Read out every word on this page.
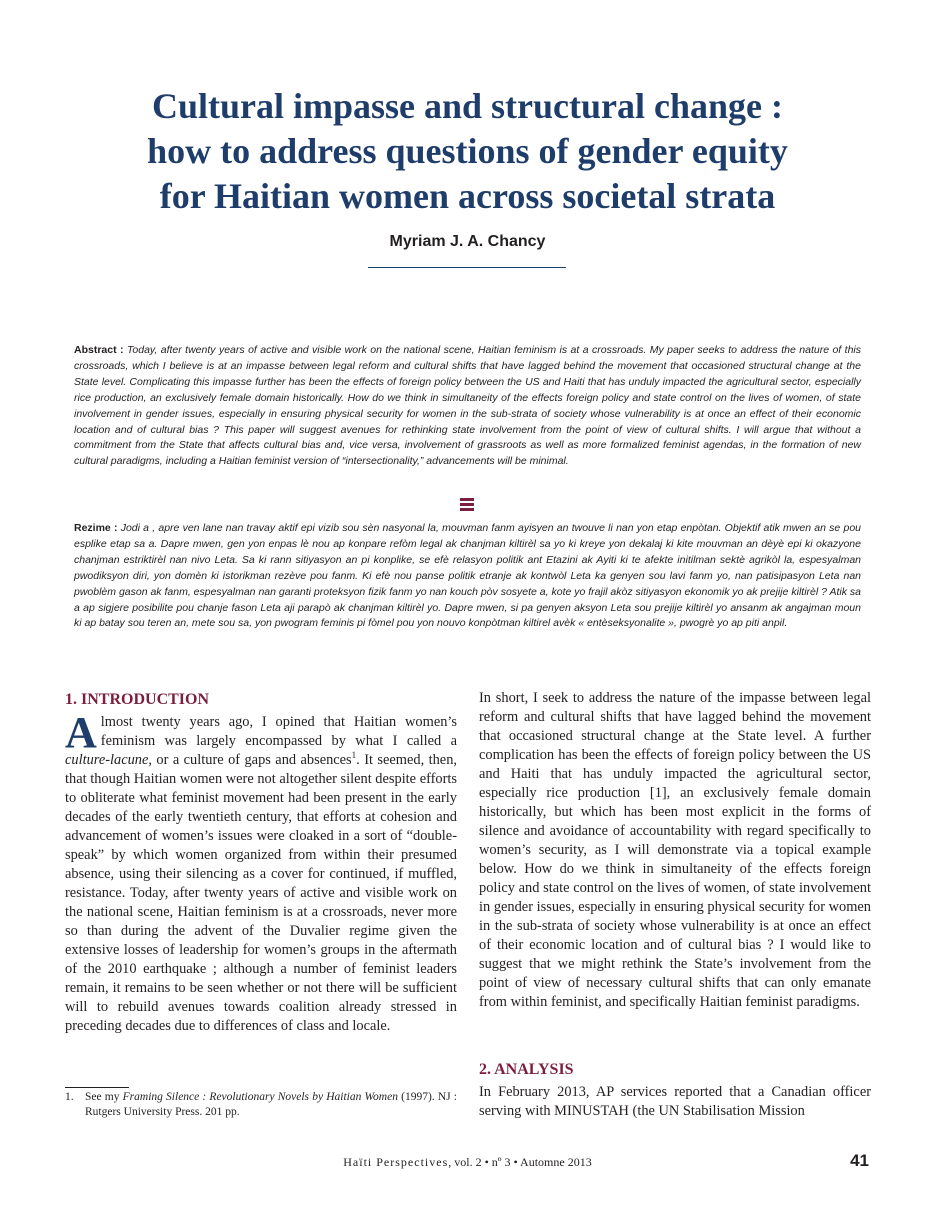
Cultural impasse and structural change :
how to address questions of gender equity
for Haitian women across societal strata
Myriam J. A. Chancy

Abstract : Today, after twenty years of active and visible work on the national scene, Haitian feminism is at a crossroads. My paper seeks to address the nature of this crossroads, which I believe is at an impasse between legal reform and cultural shifts that have lagged behind the movement that occasioned structural change at the State level. Complicating this impasse further has been the effects of foreign policy between the US and Haiti that has unduly impacted the agricultural sector, especially rice production, an exclusively female domain historically. How do we think in simultaneity of the effects foreign policy and state control on the lives of women, of state involvement in gender issues, especially in ensuring physical security for women in the sub-strata of society whose vulnerability is at once an effect of their economic location and of cultural bias ? This paper will suggest avenues for rethinking state involvement from the point of view of cultural shifts. I will argue that without a commitment from the State that affects cultural bias and, vice versa, involvement of grassroots as well as more formalized feminist agendas, in the formation of new cultural paradigms, including a Haitian feminist version of “intersectionality,” advancements will be minimal.

Rezime : Jodi a , apre ven lane nan travay aktif epi vizib sou sèn nasyonal la, mouvman fanm ayisyen an twouve li nan yon etap enpòtan. Objektif atik mwen an se pou esplike etap sa a. Dapre mwen, gen yon enpas lè nou ap konpare refòm legal ak chanjman kiltirèl sa yo ki kreye yon dekalaj ki kite mouvman an dèyè epi ki okazyone chanjman estriktirèl nan nivo Leta. Sa ki rann sitiyasyon an pi konplike, se efè relasyon politik ant Etazini ak Ayiti ki te afekte initilman sektè agrikòl la, espesyalman pwodiksyon diri, yon domèn ki istorikman rezève pou fanm. Ki efè nou panse politik etranje ak kontwòl Leta ka genyen sou lavi fanm yo, nan patisipasyon Leta nan pwoblèm gason ak fanm, espesyalman nan garanti proteksyon fizik fanm yo nan kouch pòv sosyete a, kote yo frajil akòz sitiyasyon ekonomik yo ak prejije kiltirèl ? Atik sa a ap sigjere posibilite pou chanje fason Leta aji parapò ak chanjman kiltirèl yo. Dapre mwen, si pa genyen aksyon Leta sou prejije kiltirèl yo ansanm ak angajman moun ki ap batay sou teren an, mete sou sa, yon pwogram feminis pi fòmel pou yon nouvo konpòtman kiltirel avèk « entèseksyonalite », pwogrè yo ap piti anpil.

1. INTRODUCTION

Almost twenty years ago, I opined that Haitian women’s feminism was largely encompassed by what I called a culture-lacune, or a culture of gaps and absences$^1$. It seemed, then, that though Haitian women were not altogether silent despite efforts to obliterate what feminist movement had been present in the early decades of the early twentieth century, that efforts at cohesion and advancement of women’s issues were cloaked in a sort of “double-speak” by which women organized from within their presumed absence, using their silencing as a cover for continued, if muffled, resistance. Today, after twenty years of active and visible work on the national scene, Haitian feminism is at a crossroads, never more so than during the advent of the Duvalier regime given the extensive losses of leadership for women’s groups in the aftermath of the 2010 earthquake ; although a number of feminist leaders remain, it remains to be seen whether or not there will be sufficient will to rebuild avenues towards coalition already stressed in preceding decades due to differences of class and locale.

In short, I seek to address the nature of the impasse between legal reform and cultural shifts that have lagged behind the movement that occasioned structural change at the State level. A further complication has been the effects of foreign policy between the US and Haiti that has unduly impacted the agricultural sector, especially rice production [1], an exclusively female domain historically, but which has been most explicit in the forms of silence and avoidance of accountability with regard specifically to women’s security, as I will demonstrate via a topical example below. How do we think in simultaneity of the effects foreign policy and state control on the lives of women, of state involvement in gender issues, especially in ensuring physical security for women in the sub-strata of society whose vulnerability is at once an effect of their economic location and of cultural bias ? I would like to suggest that we might rethink the State’s involvement from the point of view of necessary cultural shifts that can only emanate from within feminist, and specifically Haitian feminist paradigms.

2. ANALYSIS

In February 2013, AP services reported that a Canadian officer serving with MINUSTAH (the UN Stabilisation Mission

1. See my Framing Silence : Revolutionary Novels by Haitian Women (1997). NJ : Rutgers University Press. 201 pp.
Haïti Perspectives, vol. 2 • nº 3 • Automne 2013	41
